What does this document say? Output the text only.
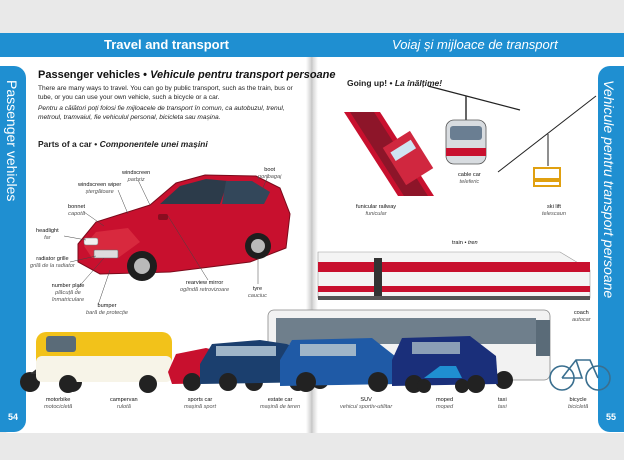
Travel and transport	Voiaj și mijloace de transport
Passenger vehicles	Vehicule pentru transport persoane
Passenger vehicles • Vehicule pentru transport persoane
There are many ways to travel. You can go by public transport, such as the train, bus or tube, or you can use your own vehicle, such a bicycle or a car.
Pentru a călători poți folosi fie mijloacele de transport în comun, ca autobuzul, trenul, metroul, tramvaiul, fie vehiculul personal, bicicleta sau mașina.
Parts of a car • Componentele unei mașini
windscreen
parbriz
windscreen wiper
ștergătoare
bonnet
capotă
headlight
far
radiator grille
grilă de la radiator
number plate
plăcuță de înmatriculare
bumper
bară de protecție
boot
portbagaj
rearview mirror
oglindă retrovizoare	tyre
cauciuc
Going up! • La înălțime!
funicular railway
funicular
cable car
teleferic
ski lift
telescaun
train • tren
coach
autocar
motorbike
motocicletă
campervan
rulotă
sports car
mașină sport
estate car
mașină de teren
SUV
vehicul sportiv-utilitar
moped
moped
taxi
taxi
bicycle
bicicletă
54	55
